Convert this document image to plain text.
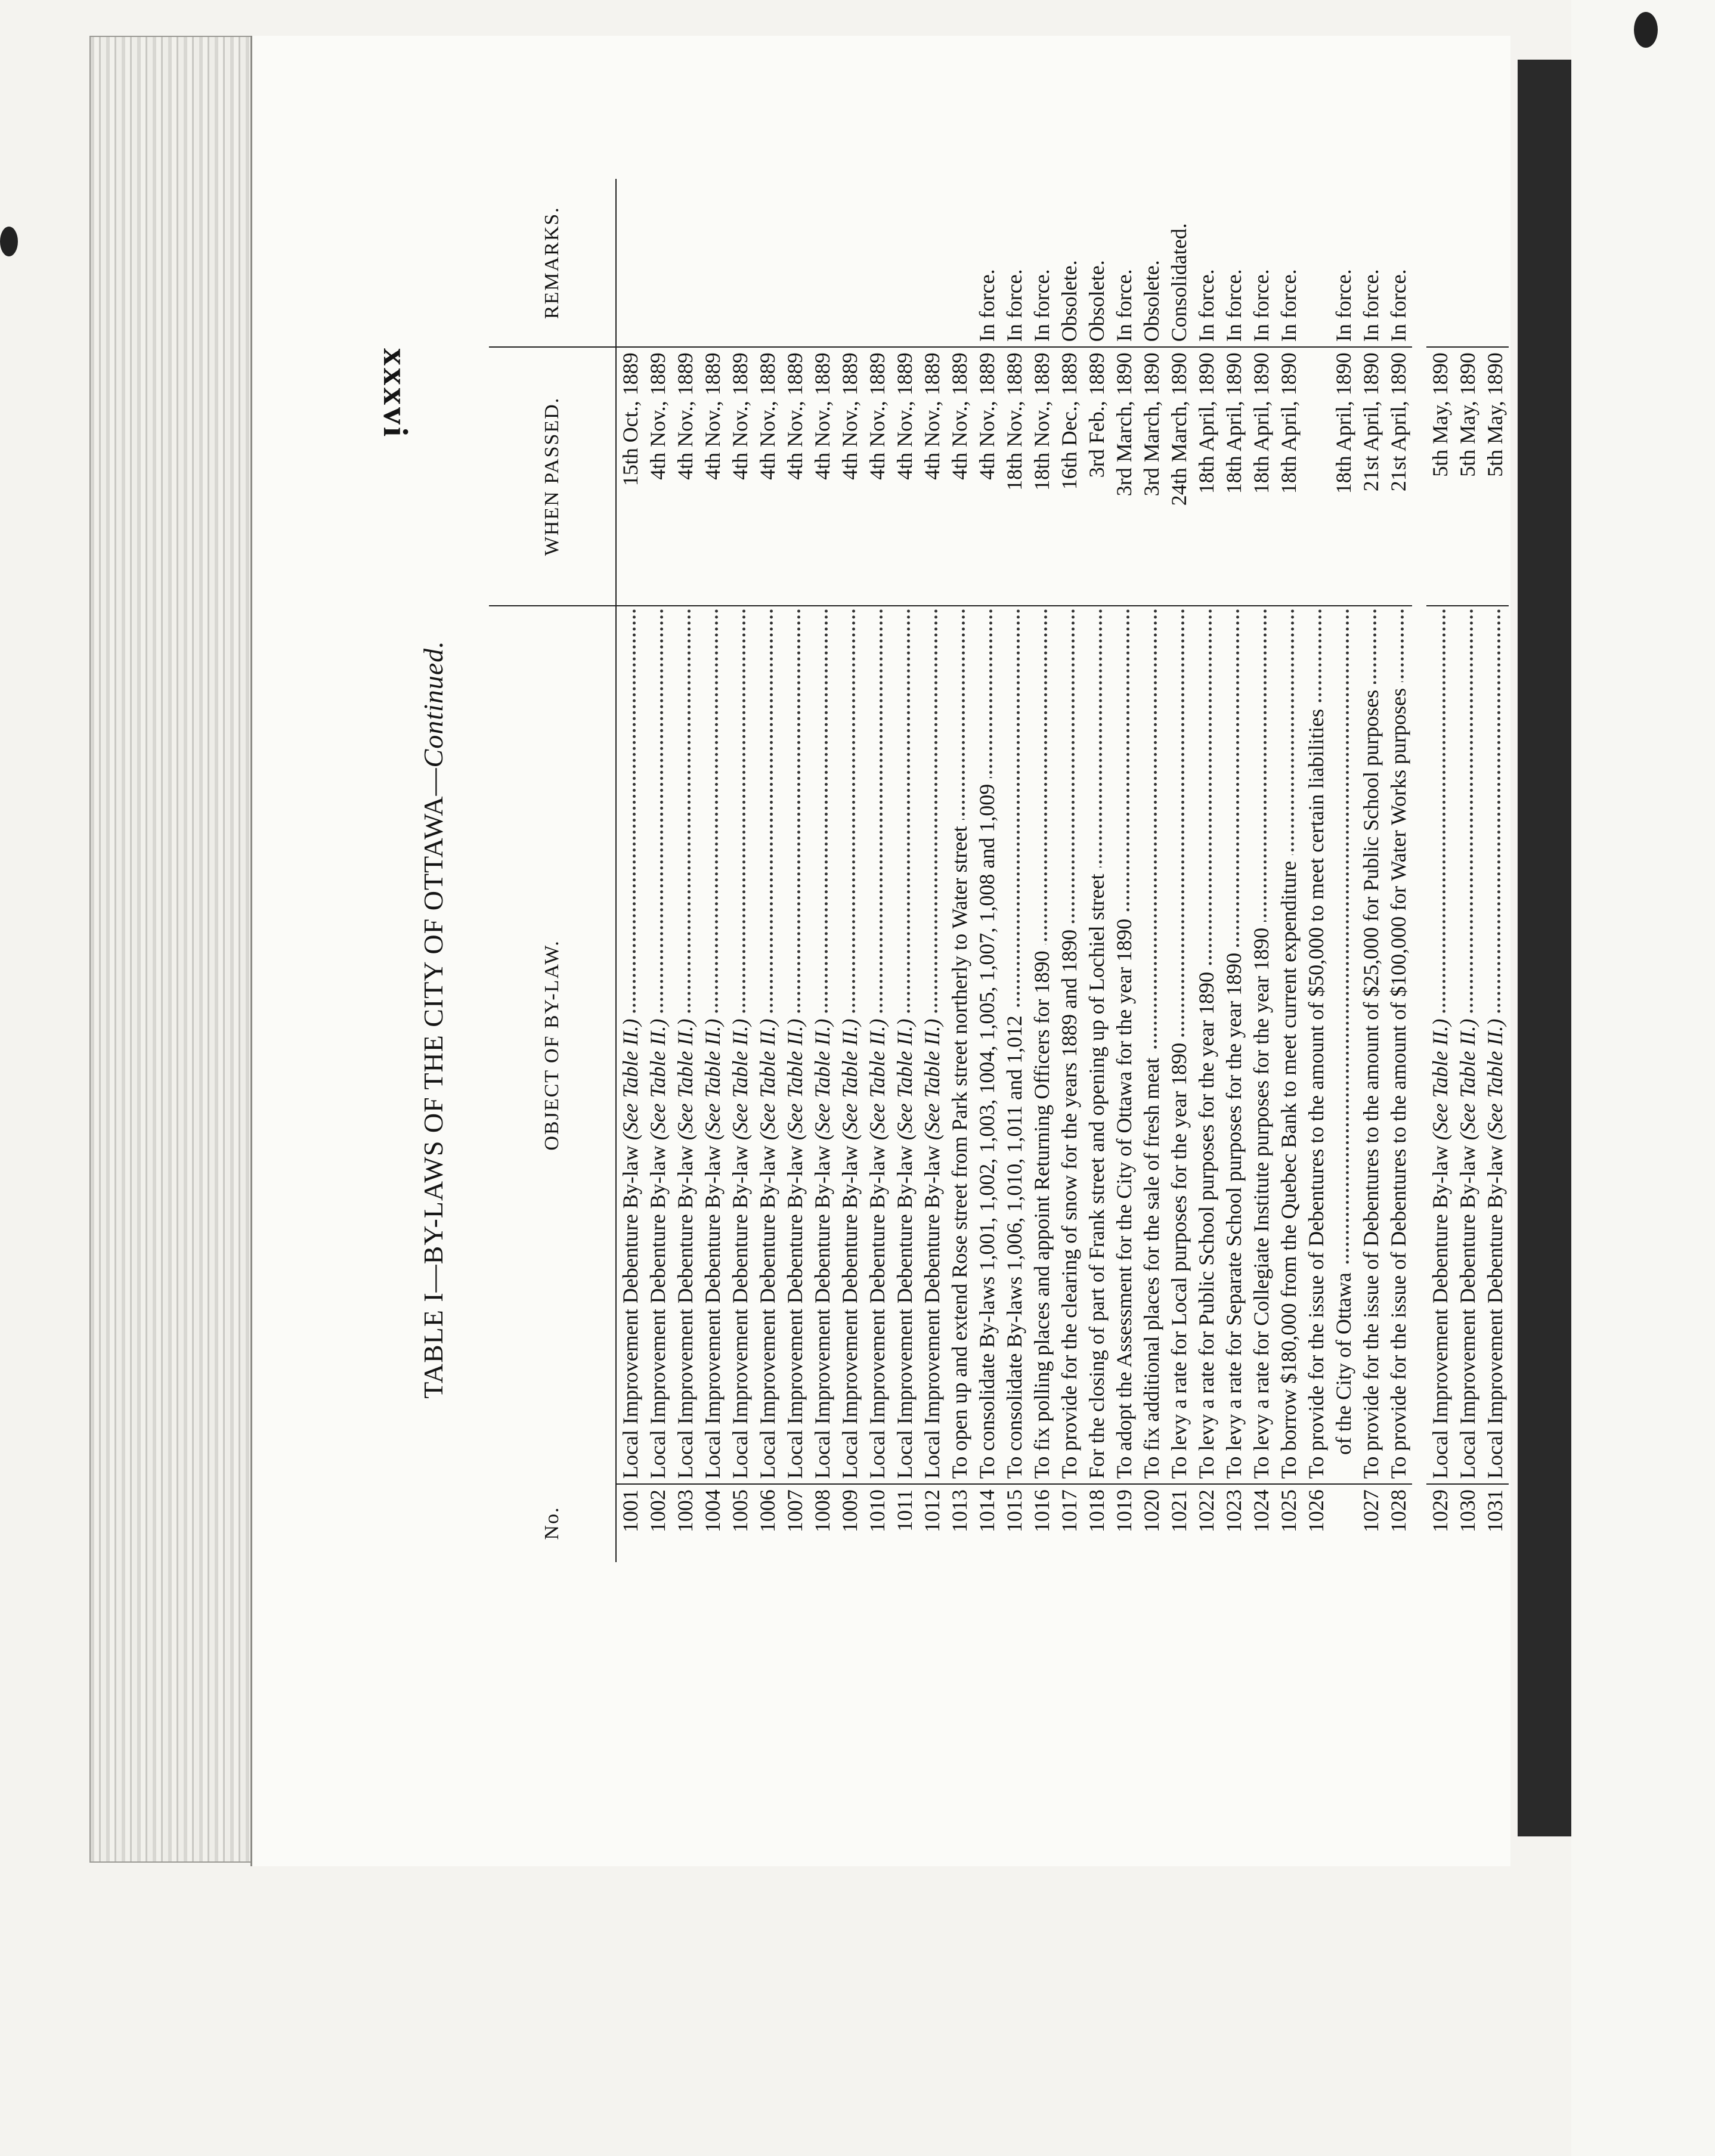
xxxvi
TABLE I—BY-LAWS OF THE CITY OF OTTAWA—Continued.
No.	OBJECT OF BY-LAW.	WHEN PASSED.	REMARKS.
1001	Local Improvement Debenture By-law (See Table II.)	15th Oct., 1889	
1002	Local Improvement Debenture By-law (See Table II.)	4th Nov., 1889	
1003	Local Improvement Debenture By-law (See Table II.)	4th Nov., 1889	
1004	Local Improvement Debenture By-law (See Table II.)	4th Nov., 1889	
1005	Local Improvement Debenture By-law (See Table II.)	4th Nov., 1889	
1006	Local Improvement Debenture By-law (See Table II.)	4th Nov., 1889	
1007	Local Improvement Debenture By-law (See Table II.)	4th Nov., 1889	
1008	Local Improvement Debenture By-law (See Table II.)	4th Nov., 1889	
1009	Local Improvement Debenture By-law (See Table II.)	4th Nov., 1889	
1010	Local Improvement Debenture By-law (See Table II.)	4th Nov., 1889	
1011	Local Improvement Debenture By-law (See Table II.)	4th Nov., 1889	
1012	Local Improvement Debenture By-law (See Table II.)	4th Nov., 1889	
1013	To open up and extend Rose street from Park street northerly to Water street	4th Nov., 1889	
1014	To consolidate By-laws 1,001, 1,002, 1,003, 1004, 1,005, 1,007, 1,008 and 1,009	4th Nov., 1889	In force.
1015	To consolidate By-laws 1,006, 1,010, 1,011 and 1,012	18th Nov., 1889	In force.
1016	To fix polling places and appoint Returning Officers for 1890	18th Nov., 1889	In force.
1017	To provide for the clearing of snow for the years 1889 and 1890	16th Dec., 1889	Obsolete.
1018	For the closing of part of Frank street and opening up of Lochiel street	3rd Feb., 1889	Obsolete.
1019	To adopt the Assessment for the City of Ottawa for the year 1890	3rd March, 1890	In force.
1020	To fix additional places for the sale of fresh meat	3rd March, 1890	Obsolete.
1021	To levy a rate for Local purposes for the year 1890	24th March, 1890	Consolidated.
1022	To levy a rate for Public School purposes for the year 1890	18th April, 1890	In force.
1023	To levy a rate for Separate School purposes for the year 1890	18th April, 1890	In force.
1024	To levy a rate for Collegiate Institute purposes for the year 1890	18th April, 1890	In force.
1025	To borrow $180,000 from the Quebec Bank to meet current expenditure	18th April, 1890	In force.
1026	To provide for the issue of Debentures to the amount of $50,000 to meet certain liabilities		

of the City of Ottawa	18th April, 1890	In force.
1027	To provide for the issue of Debentures to the amount of $25,000 for Public School purposes	21st April, 1890	In force.
1028	To provide for the issue of Debentures to the amount of $100,000 for Water Works purposes	21st April, 1890	In force.

1029	Local Improvement Debenture By-law (See Table II.)	5th May, 1890	
1030	Local Improvement Debenture By-law (See Table II.)	5th May, 1890	
1031	Local Improvement Debenture By-law (See Table II.)	5th May, 1890	
